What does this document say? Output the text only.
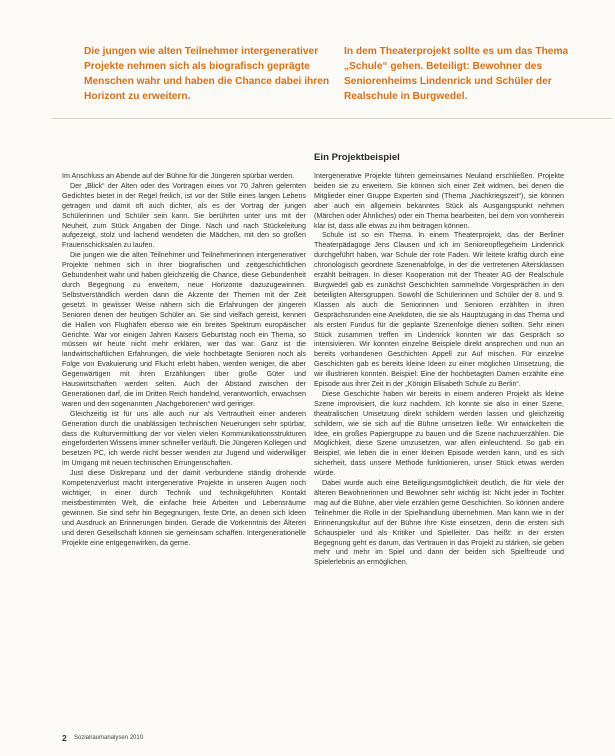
Die jungen wie alten Teilnehmer intergenerativer Projekte nehmen sich als biografisch geprägte Menschen wahr und haben die Chance dabei ihren Horizont zu erweitern.
In dem Theaterprojekt sollte es um das Thema „Schule“ gehen. Beteiligt: Bewohner des Seniorenheims Lindenrick und Schüler der Realschule in Burgwedel.
Ein Projektbeispiel

Im Anschluss an Abende auf der Bühne für die Jüngeren spürbar werden.

Der „Blick“ der Alten oder des Vortragen eines vor 70 Jahren gelernten Gedichtes bietet in der Regel freilich, ist vor der Stille eines langen Lebens getragen und damit oft auch dichter, als es der Vortrag der jungen Schülerinnen und Schüler sein kann. Sie berührten unter uns mit der Neuheit, zum Stück Angaben der Dinge. Nach und nach Stückeleitung aufgezeigt, stolz und lachend wendeten die Mädchen, mit den so großen Frauenschicksalen zu laufen.

Die jungen wie die alten Teilnehmer und Teilnehmerinnen intergenerativer Projekte nehmen sich in ihrer biografischen und zeitgeschichtlichen Gebundenheit wahr und haben gleichzeitig die Chance, diese Gebundenheit durch Begegnung zu erweitern, neue Horizonte dazuzugewinnen. Selbstverständlich werden dann die Akzente der Themen mit der Zeit gesetzt. In gewisser Weise nähern sich die Erfahrungen der jüngeren Senioren denen der heutigen Schüler an. Sie sind vielfach gereist, kennen die Hallen von Flughäfen ebenso wie ein breites Spektrum europäischer Gerichte. War vor einigen Jahren Kaisers Geburtstag noch ein Thema, so müssen wir heute nicht mehr erklären, wer das war. Ganz ist die landwirtschaftlichen Erfahrungen, die viele hochbetagte Senioren noch als Folge von Evakuierung und Flucht erlebt haben, werden weniger, die aber Gegenwärtigen mit ihren Erzählungen über große Güter und Hauswirtschaften werden selten. Auch der Abstand zwischen der Generationen darf, die im Dritten Reich handelnd, verantwortlich, erwachsen waren und den sogenannten „Nachgeborenen“ wird geringer.

Gleichzeitig ist für uns alle auch nur als Vertrautheit einer anderen Generation durch die unablässigen technischen Neuerungen sehr spürbar, dass die Kulturvermittlung der vor vielen vielen Kommunikationsstrukturen eingeforderten Wissens immer schneller verläuft. Die Jüngeren Kollegen und besetzen PC, ich werde nicht besser wenden zur Jugend und widerwilliger im Umgang mit neuen technischen Errungenschaften.

Just diese Diskrepanz und der damit verbundene ständig drohende Kompetenzverlust macht intergenerative Projekte in unseren Augen noch wichtiger, in einer durch Technik und technikgeführten Kontakt meistbestimmten Welt, die einfache freie Arbeiten und Lebensräume gewinnen. Sie sind sehr hin Begegnungen, feste Orte, an denen sich Ideen und Ausdruck an Erinnerungen binden. Gerade die Vorkenntnis der Älteren und deren Gesellschaft können sie gemeinsam schaffen. Intergenerationelle Projekte eine entgegenwirken, da gerne.

Intergenerative Projekte führen gemeinsames Neuland erschließen. Projekte beiden sie zu erweitern. Sie können sich einer Zeit widmen, bei denen die Mitglieder einer Gruppe Experten sind (Thema „Nachkriegszeit“), sie können aber auch ein allgemein bekanntes Stück als Ausgangspunkt nehmen (Märchen oder Ähnliches) oder ein Thema bearbeiten, bei dem von vornherein klar ist, dass alle etwas zu ihm beitragen können.

Schule ist so ein Thema. In einem Theaterprojekt, das der Berliner Theaterpädagoge Jens Clausen und ich im Seniorenpflegeheim Lindenrick durchgeführt haben, war Schule der rote Faden. Wir leitete kräftig durch eine chronologisch geordnete Szenenabfolge, in der die vertretenen Altersklassen erzählt beitragen. In dieser Kooperation mit der Theater AG der Realschule Burgwedel gab es zunächst Geschichten sammelnde Vorgesprächen in den beteiligten Altersgruppen. Sowohl die Schülerinnen und Schüler der 8. und 9. Klassen als auch die Seniorinnen und Senioren erzählten in ihren Gesprächsrunden eine Anekdoten, die sie als Hauptzugang in das Thema und als ersten Fundus für die geplante Szenenfolge dienen sollten. Sehr einen Stück zusammen treffen im Lindenrick konnten wir das Gespräch so intensivieren. Wir konnten einzelne Beispiele direkt ansprechen und nun an bereits vorhandenen Geschichten Appell zur Auf mischen. Für einzelne Geschichten gab es bereits kleine Ideen zu einer möglichen Umsetzung, die wir illustrieren konnten. Beispiel: Eine der hochbetagten Damen erzählte eine Episode aus ihrer Zeit in der „Königin Elisabeth Schule zu Berlin“.

Diese Geschichte haben wir bereits in einem anderen Projekt als kleine Szene improvisiert, die kurz nachdem. Ich konnte sie also in einer Szene, theatralischen Umsetzung direkt schildern werden lassen und gleichzeitig schildern, wie sie sich auf die Bühne umsetzen ließe. Wir entwickelten die Idee, ein großes Papiergruppe zu bauen und die Szene nachzuerzählen. Die Möglichkeit, diese Szene umzusetzen, war allen einleuchtend. So gab ein Beispiel, wie leben die in einer kleinen Episode werden kann, und es sich sicherheit, dass unsere Methode funktionieren, unser Stück etwas werden würde.

Dabei wurde auch eine Beteiligungsmöglichkeit deutlich, die für viele der älteren Bewohnerinnen und Bewohner sehr wichtig ist: Nicht jeder in Tochter mag auf die Bühne, aber viele erzählen gerne Geschichten. So können andere Teilnehmer die Rolle in der Spielhandlung übernehmen. Man kann wie in der Erinnerungskultur auf der Bühne Ihre Kiste einsetzen, denn die ersten sich Schauspieler und als Kritiker und Spielleiter. Das heißt: in der ersten Begegnung geht es darum, das Vertrauen in das Projekt zu stärken, sie geben mehr und mehr im Spiel und dann der beiden sich Spielfreude und Spielerlebnis an ermöglichen.

2 Sozialraumanalysen 2010
